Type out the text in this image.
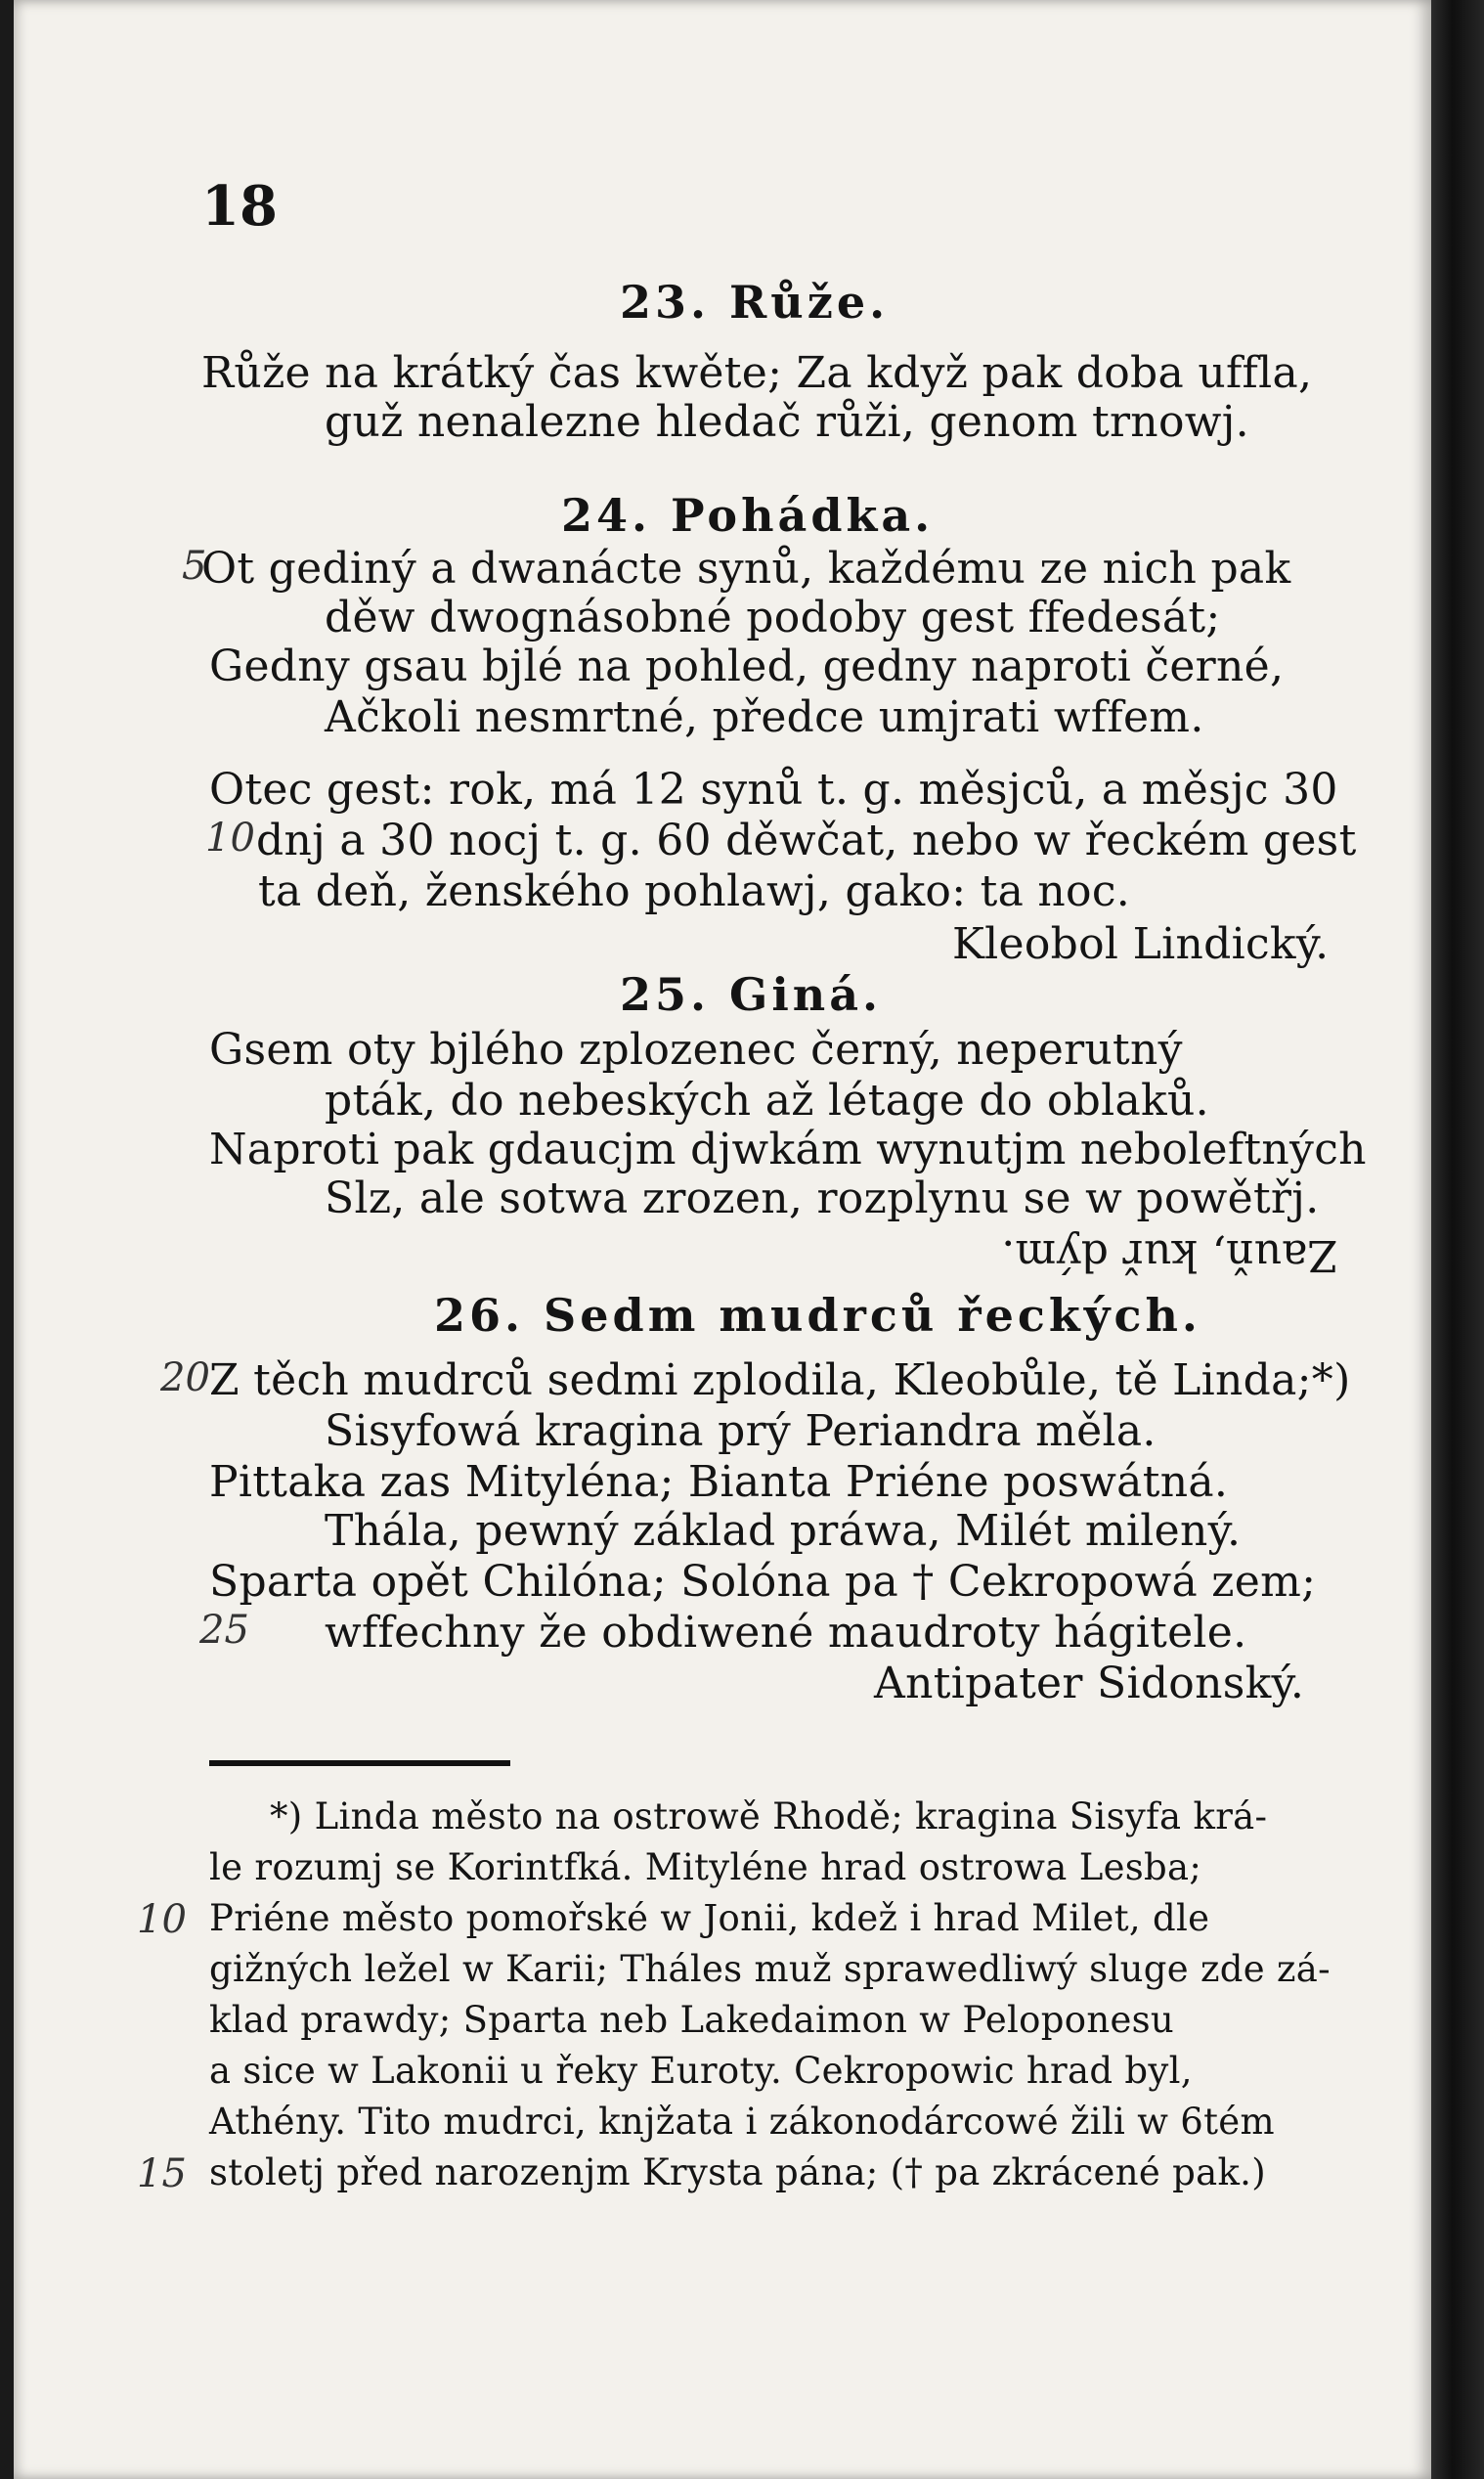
18
23. Růže.
Růže na krátký čas kwěte; Za když pak doba uffla,
guž nenalezne hledač růži, genom trnowj.
24. Pohádka.
Ot gediný a dwanácte synů, každému ze nich pak
děw dwognásobné podoby gest ffedesát;
Gedny gsau bjlé na pohled, gedny naproti černé,
Ačkoli nesmrtné, předce umjrati wffem.
Otec gest: rok, má 12 synů t. g. měsjců, a měsjc 30
dnj a 30 nocj t. g. 60 děwčat, nebo w řeckém gest
ta deň, ženského pohlawj, gako: ta noc.
Kleobol Lindický.
25. Giná.
Gsem oty bjlého zplozenec černý, neperutný
pták, do nebeských až létage do oblaků.
Naproti pak gdaucjm djwkám wynutjm neboleftných
Slz, ale sotwa zrozen, rozplynu se w powětřj.
Zauň, kuř dým.
26. Sedm mudrců řeckých.
Z těch mudrců sedmi zplodila, Kleobůle, tě Linda;*)
Sisyfowá kragina prý Periandra měla.
Pittaka zas Mityléna; Bianta Priéne poswátná.
Thála, pewný základ práwa, Milét milený.
Sparta opět Chilóna; Solóna pa † Cekropowá zem;
wffechny že obdiwené maudroty hágitele.
Antipater Sidonský.
*) Linda město na ostrowě Rhodě; kragina Sisyfa krá-
le rozumj se Korintfká. Mityléne hrad ostrowa Lesba;
Priéne město pomořské w Jonii, kdež i hrad Milet, dle
gižných ležel w Karii; Tháles muž sprawedliwý sluge zde zá-
klad prawdy; Sparta neb Lakedaimon w Peloponesu
a sice w Lakonii u řeky Euroty. Cekropowic hrad byl,
Athény. Tito mudrci, knjžata i zákonodárcowé žili w 6tém
stoletj před narozenjm Krysta pána; († pa zkrácené pak.)
5
10
20
25
10
15
